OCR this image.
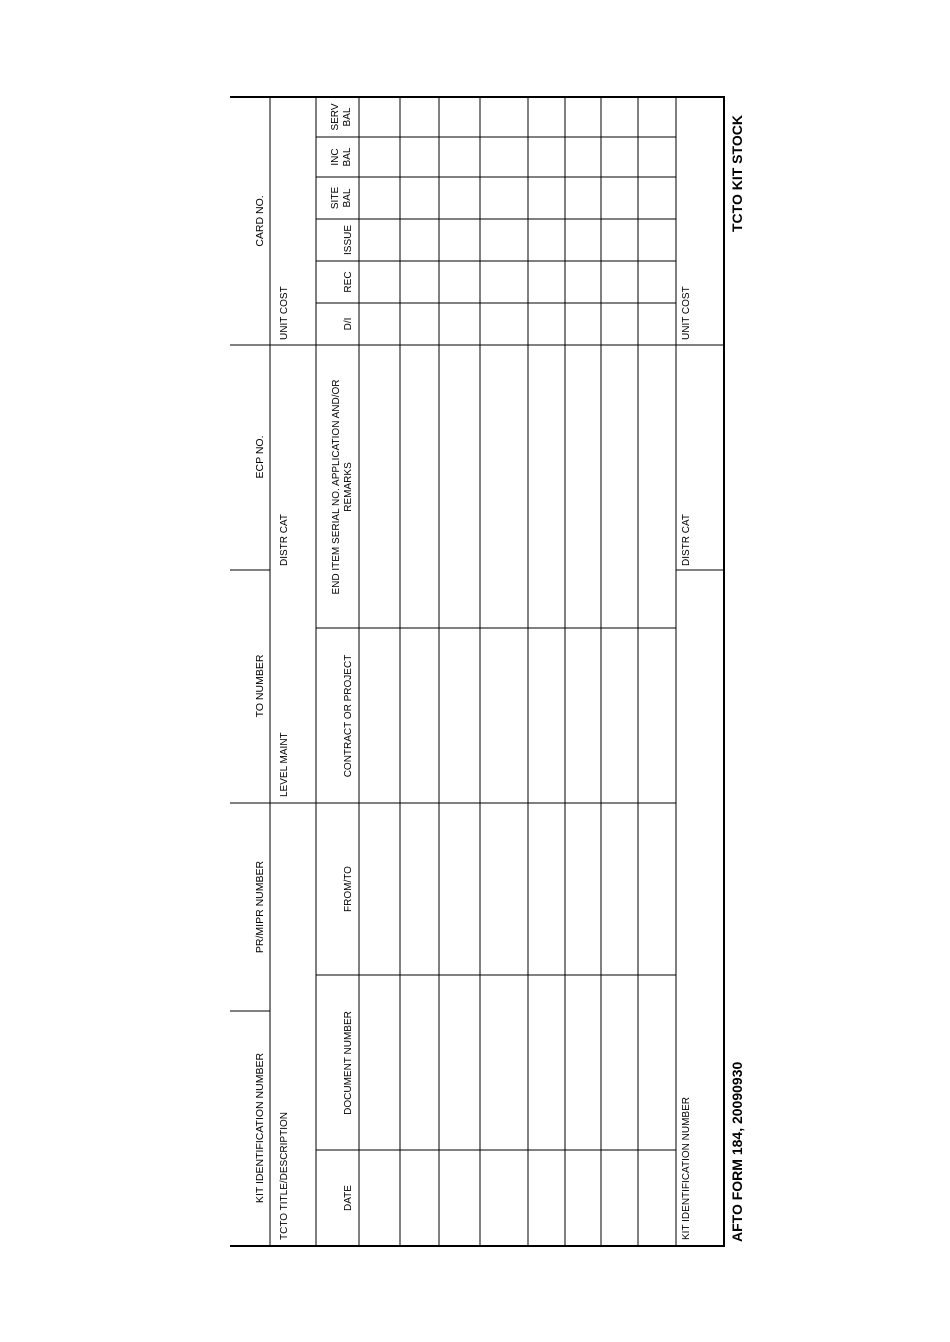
KIT IDENTIFICATION NUMBER
PR/MIPR NUMBER
TO NUMBER
ECP NO.
CARD NO.
TCTO TITLE/DESCRIPTION
LEVEL MAINT
DISTR CAT
UNIT COST
DATE
DOCUMENT NUMBER
FROM/TO
CONTRACT OR PROJECT
END ITEM SERIAL NO. APPLICATION AND/OR REMARKS
D/I
REC
ISSUE
SITE BAL
INC BAL
SERV BAL
KIT IDENTIFICATION NUMBER
DISTR CAT
UNIT COST
AFTO FORM 184, 20090930
TCTO KIT STOCK
